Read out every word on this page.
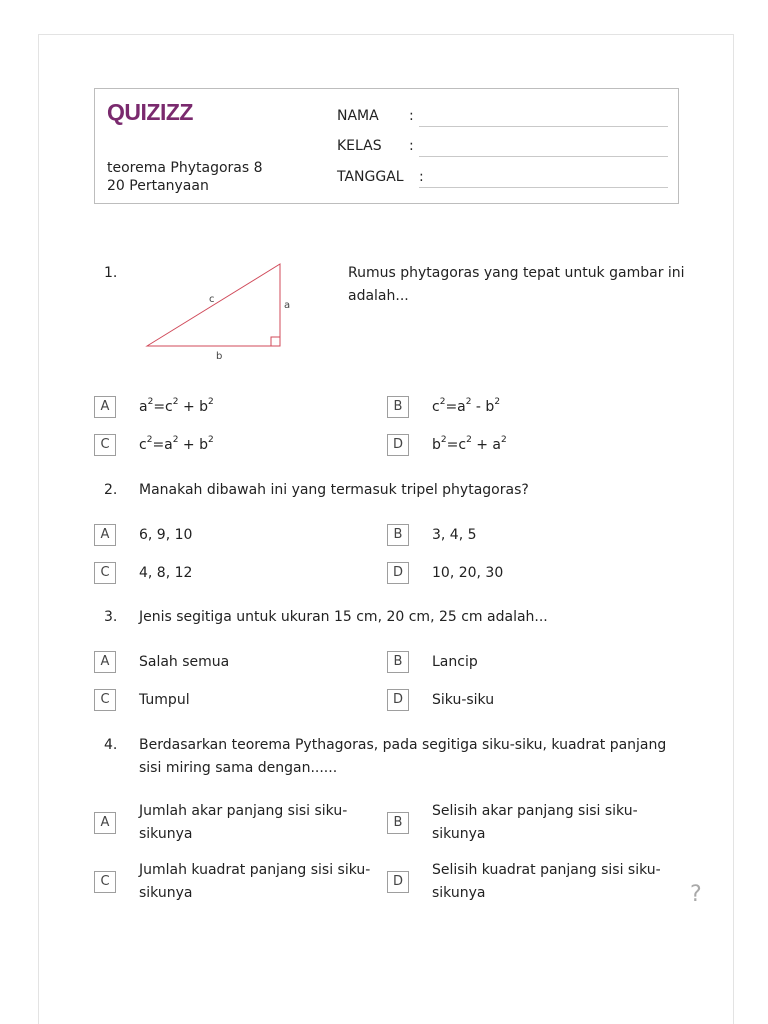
QUIZIZZ
teorema Phytagoras 8
20 Pertanyaan
NAMA :
KELAS :
TANGGAL :
1.
c
a
b
Rumus phytagoras yang tepat untuk gambar ini adalah...
A	$a^2=c^2 + b^2$	B	$c^2=a^2 - b^2$
C	$c^2=a^2 + b^2$	D	$b^2=c^2 + a^2$
2.	Manakah dibawah ini yang termasuk tripel phytagoras?
A	6, 9, 10	B	3, 4, 5
C	4, 8, 12	D	10, 20, 30
3.	Jenis segitiga untuk ukuran 15 cm, 20 cm, 25 cm adalah...
A	Salah semua	B	Lancip
C	Tumpul	D	Siku-siku
4.	Berdasarkan teorema Pythagoras, pada segitiga siku-siku, kuadrat panjang sisi miring sama dengan......
A
Jumlah akar panjang sisi siku-sikunya
B
Selisih akar panjang sisi siku-sikunya
C
Jumlah kuadrat panjang sisi siku-sikunya
D
Selisih kuadrat panjang sisi siku-sikunya	?
